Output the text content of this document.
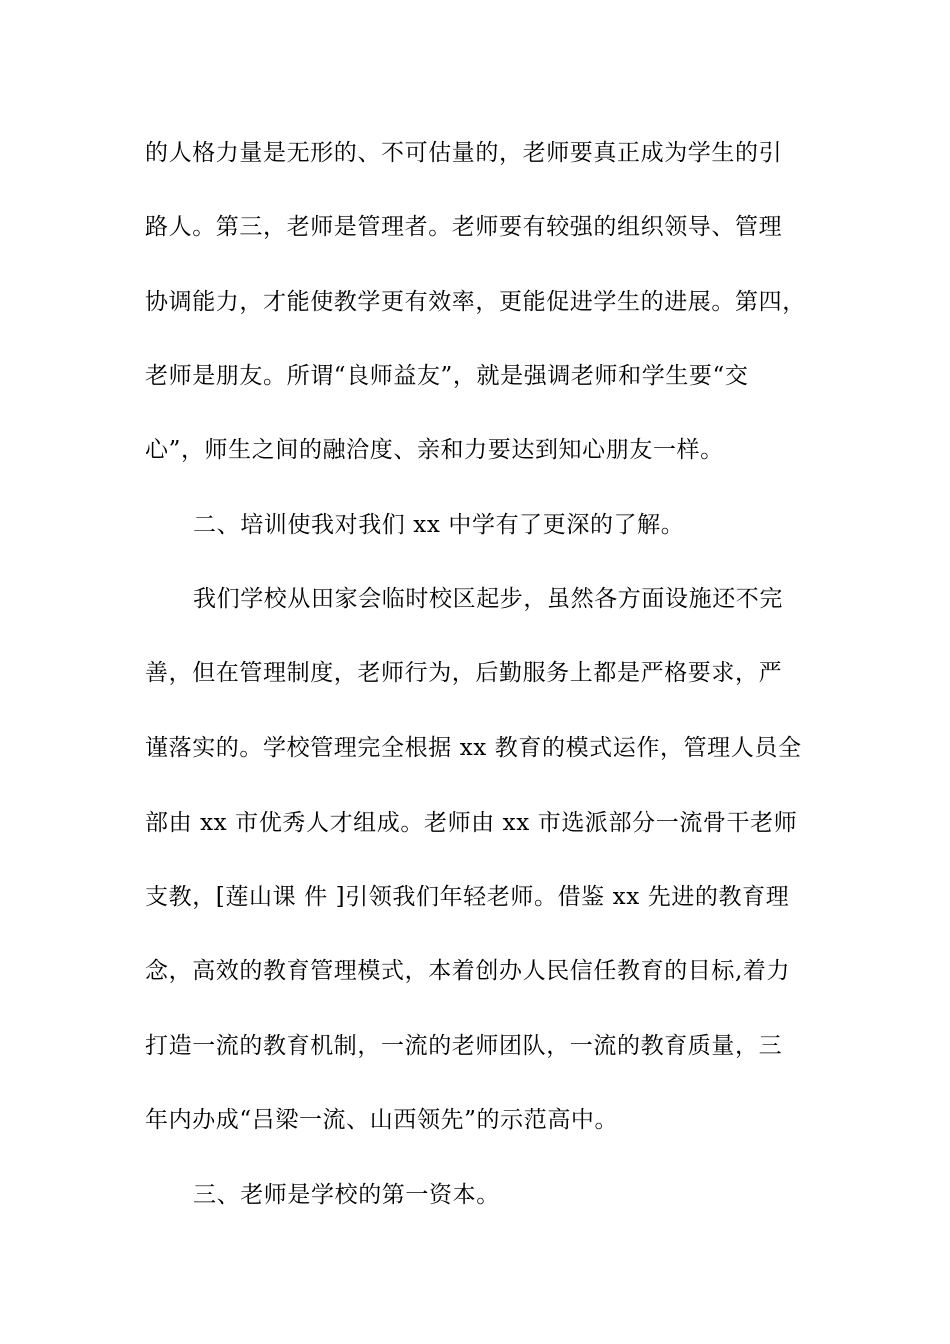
的人格力量是无形的、不可估量的，老师要真正成为学生的引
路人。第三，老师是管理者。老师要有较强的组织领导、管理
协调能力，才能使教学更有效率，更能促进学生的进展。第四，
老师是朋友。所谓“良师益友”，就是强调老师和学生要“交
心”，师生之间的融洽度、亲和力要达到知心朋友一样。
二、培训使我对我们 xx 中学有了更深的了解。
我们学校从田家会临时校区起步，虽然各方面设施还不完
善，但在管理制度，老师行为，后勤服务上都是严格要求，严
谨落实的。学校管理完全根据 xx 教育的模式运作，管理人员全
部由 xx 市优秀人才组成。老师由 xx 市选派部分一流骨干老师
支教，[莲山课 件 ]引领我们年轻老师。借鉴 xx 先进的教育理
念，高效的教育管理模式，本着创办人民信任教育的目标,着力
打造一流的教育机制，一流的老师团队，一流的教育质量，三
年内办成“吕梁一流、山西领先”的示范高中。
三、老师是学校的第一资本。
